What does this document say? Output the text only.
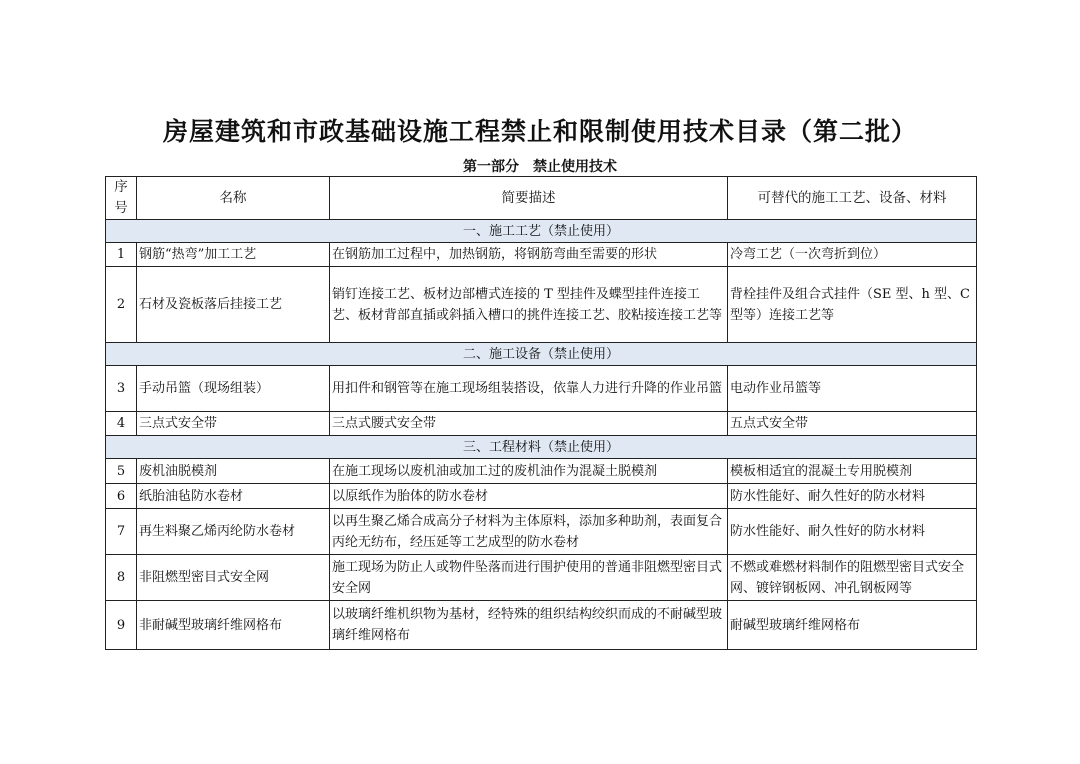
房屋建筑和市政基础设施工程禁止和限制使用技术目录（第二批）
第一部分　禁止使用技术
序号	名称	简要描述	可替代的施工工艺、设备、材料
一、施工工艺（禁止使用）			
1	钢筋“热弯”加工工艺	在钢筋加工过程中，加热钢筋，将钢筋弯曲至需要的形状	冷弯工艺（一次弯折到位）
2	石材及瓷板落后挂接工艺	销钉连接工艺、板材边部槽式连接的 T 型挂件及蝶型挂件连接工艺、板材背部直插或斜插入槽口的挑件连接工艺、胶粘接连接工艺等	背栓挂件及组合式挂件（SE 型、h 型、C 型等）连接工艺等
二、施工设备（禁止使用）			
3	手动吊篮（现场组装）	用扣件和钢管等在施工现场组装搭设，依靠人力进行升降的作业吊篮	电动作业吊篮等
4	三点式安全带	三点式腰式安全带	五点式安全带
三、工程材料（禁止使用）			
5	废机油脱模剂	在施工现场以废机油或加工过的废机油作为混凝土脱模剂	模板相适宜的混凝土专用脱模剂
6	纸胎油毡防水卷材	以原纸作为胎体的防水卷材	防水性能好、耐久性好的防水材料
7	再生料聚乙烯丙纶防水卷材	以再生聚乙烯合成高分子材料为主体原料，添加多种助剂，表面复合丙纶无纺布，经压延等工艺成型的防水卷材	防水性能好、耐久性好的防水材料
8	非阻燃型密目式安全网	施工现场为防止人或物件坠落而进行围护使用的普通非阻燃型密目式安全网	不燃或难燃材料制作的阻燃型密目式安全网、镀锌钢板网、冲孔钢板网等
9	非耐碱型玻璃纤维网格布	以玻璃纤维机织物为基材，经特殊的组织结构绞织而成的不耐碱型玻璃纤维网格布	耐碱型玻璃纤维网格布
